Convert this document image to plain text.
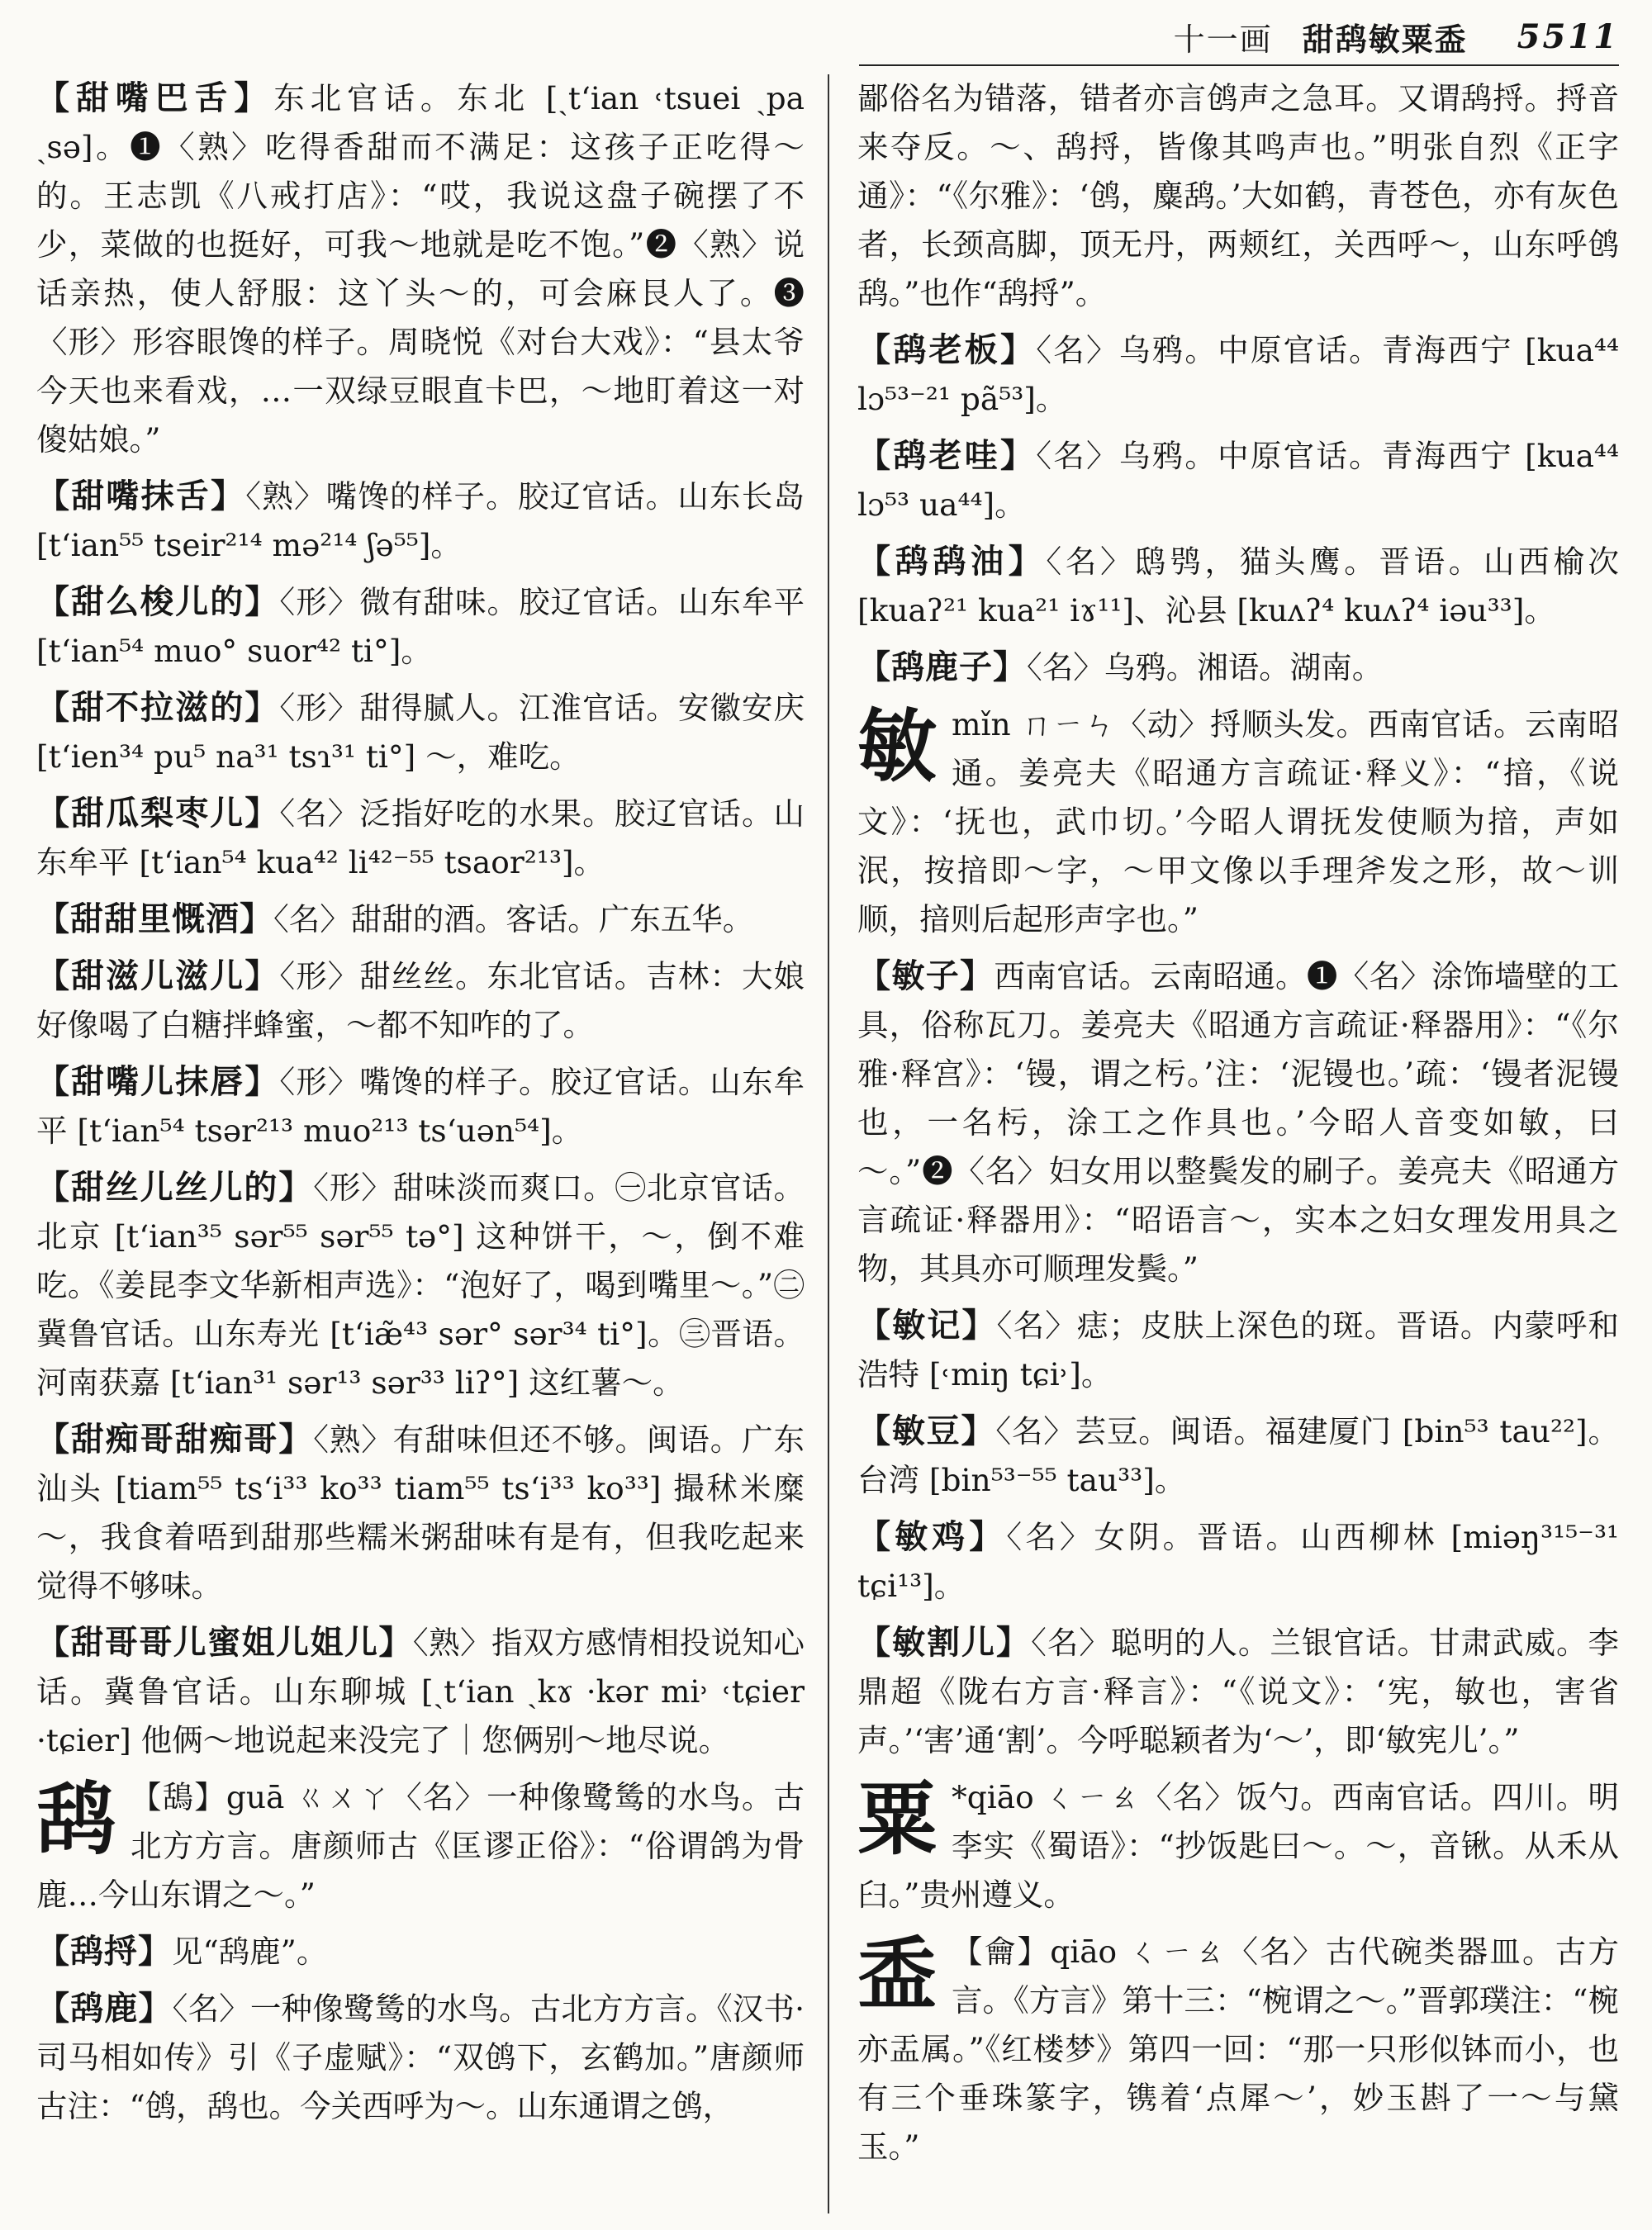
十一画 甜鸹敏粟盉 5511
【甜嘴巴舌】东北官话。东北 [ˏt‘ian ˓tsuei ˏpa ˏsə]。❶〈熟〉吃得香甜而不满足：这孩子正吃得～的。王志凯《八戒打店》：“哎，我说这盘子碗摆了不少，菜做的也挺好，可我～地就是吃不饱。”❷〈熟〉说话亲热，使人舒服：这丫头～的，可会麻艮人了。❸〈形〉形容眼馋的样子。周晓悦《对台大戏》：“县太爷今天也来看戏，…一双绿豆眼直卡巴，～地盯着这一对傻姑娘。”
【甜嘴抹舌】〈熟〉嘴馋的样子。胶辽官话。山东长岛 [t‘ian⁵⁵ tseir²¹⁴ mə²¹⁴ ʃə⁵⁵]。
【甜么梭儿的】〈形〉微有甜味。胶辽官话。山东牟平 [t‘ian⁵⁴ muo° suor⁴² ti°]。
【甜不拉滋的】〈形〉甜得腻人。江淮官话。安徽安庆 [t‘ien³⁴ pu⁵ na³¹ tsɿ³¹ ti°] ～，难吃。
【甜瓜梨枣儿】〈名〉泛指好吃的水果。胶辽官话。山东牟平 [t‘ian⁵⁴ kua⁴² li⁴²⁻⁵⁵ tsaor²¹³]。
【甜甜里慨酒】〈名〉甜甜的酒。客话。广东五华。
【甜滋儿滋儿】〈形〉甜丝丝。东北官话。吉林：大娘好像喝了白糖拌蜂蜜，～都不知咋的了。
【甜嘴儿抹唇】〈形〉嘴馋的样子。胶辽官话。山东牟平 [t‘ian⁵⁴ tsər²¹³ muo²¹³ ts‘uən⁵⁴]。
【甜丝儿丝儿的】〈形〉甜味淡而爽口。㊀北京官话。北京 [t‘ian³⁵ sər⁵⁵ sər⁵⁵ tə°] 这种饼干，～，倒不难吃。《姜昆李文华新相声选》：“泡好了，喝到嘴里～。”㊁冀鲁官话。山东寿光 [t‘iæ̃⁴³ sər° sər³⁴ ti°]。㊂晋语。河南获嘉 [t‘ian³¹ sər¹³ sər³³ liʔ°] 这红薯～。
【甜痴哥甜痴哥】〈熟〉有甜味但还不够。闽语。广东汕头 [tiam⁵⁵ ts‘i³³ ko³³ tiam⁵⁵ ts‘i³³ ko³³] 撮秫米糜～，我食着唔到甜那些糯米粥甜味有是有，但我吃起来觉得不够味。
【甜哥哥儿蜜姐儿姐儿】〈熟〉指双方感情相投说知心话。冀鲁官话。山东聊城 [ˏt‘ian ˏkɤ ·kər mi˒ ˓tɕier ·tɕier] 他俩～地说起来没完了｜您俩别～地尽说。
鸹 【鴰】guā ㄍㄨㄚ〈名〉一种像鹭鸶的水鸟。古北方方言。唐颜师古《匡谬正俗》：“俗谓鸽为骨鹿…今山东谓之～。”
【鸹捋】见“鸹鹿”。
【鸹鹿】〈名〉一种像鹭鸶的水鸟。古北方方言。《汉书·司马相如传》引《子虚赋》：“双鸧下，玄鹤加。”唐颜师古注：“鸧，鸹也。今关西呼为～。山东通谓之鸧，
鄙俗名为错落，错者亦言鸧声之急耳。又谓鸹捋。捋音来夺反。～、鸹捋，皆像其鸣声也。”明张自烈《正字通》：“《尔雅》：‘鸧，麋鸹。’大如鹤，青苍色，亦有灰色者，长颈高脚，顶无丹，两颊红，关西呼～，山东呼鸧鸹。”也作“鸹捋”。
【鸹老板】〈名〉乌鸦。中原官话。青海西宁 [kua⁴⁴ lɔ⁵³⁻²¹ pã⁵³]。
【鸹老哇】〈名〉乌鸦。中原官话。青海西宁 [kua⁴⁴ lɔ⁵³ ua⁴⁴]。
【鸹鸹油】〈名〉鸱鸮，猫头鹰。晋语。山西榆次 [kuaʔ²¹ kua²¹ iɤ¹¹]、沁县 [kuʌʔ⁴ kuʌʔ⁴ iəu³³]。
【鸹鹿子】〈名〉乌鸦。湘语。湖南。
敏mǐn ㄇㄧㄣ〈动〉捋顺头发。西南官话。云南昭通。姜亮夫《昭通方言疏证·释义》：“揞，《说文》：‘抚也，武巾切。’今昭人谓抚发使顺为揞，声如泯，按揞即～字，～甲文像以手理斧发之形，故～训顺，揞则后起形声字也。”
【敏子】西南官话。云南昭通。❶〈名〉涂饰墙壁的工具，俗称瓦刀。姜亮夫《昭通方言疏证·释器用》：“《尔雅·释宫》：‘镘，谓之杇。’注：‘泥镘也。’疏：‘镘者泥镘也，一名杇，涂工之作具也。’今昭人音变如敏，曰～。”❷〈名〉妇女用以整鬓发的刷子。姜亮夫《昭通方言疏证·释器用》：“昭语言～，实本之妇女理发用具之物，其具亦可顺理发鬓。”
【敏记】〈名〉痣；皮肤上深色的斑。晋语。内蒙呼和浩特 [˓miŋ tɕi˒]。
【敏豆】〈名〉芸豆。闽语。福建厦门 [bin⁵³ tau²²]。台湾 [bin⁵³⁻⁵⁵ tau³³]。
【敏鸡】〈名〉女阴。晋语。山西柳林 [miəŋ³¹⁵⁻³¹ tɕi¹³]。
【敏割儿】〈名〉聪明的人。兰银官话。甘肃武威。李鼎超《陇右方言·释言》：“《说文》：‘宪，敏也，害省声。’‘害’通‘割’。今呼聪颖者为‘～’，即‘敏宪儿’。”
粟 *qiāo ㄑㄧㄠ〈名〉饭勺。西南官话。四川。明李实《蜀语》：“抄饭匙曰～。～，音锹。从禾从臼。”贵州遵义。
盉 【龠】qiāo ㄑㄧㄠ〈名〉古代碗类器皿。古方言。《方言》第十三：“椀谓之～。”晋郭璞注：“椀亦盂属。”《红楼梦》第四一回：“那一只形似钵而小，也有三个垂珠篆字，镌着‘点犀～’，妙玉斟了一～与黛玉。”
